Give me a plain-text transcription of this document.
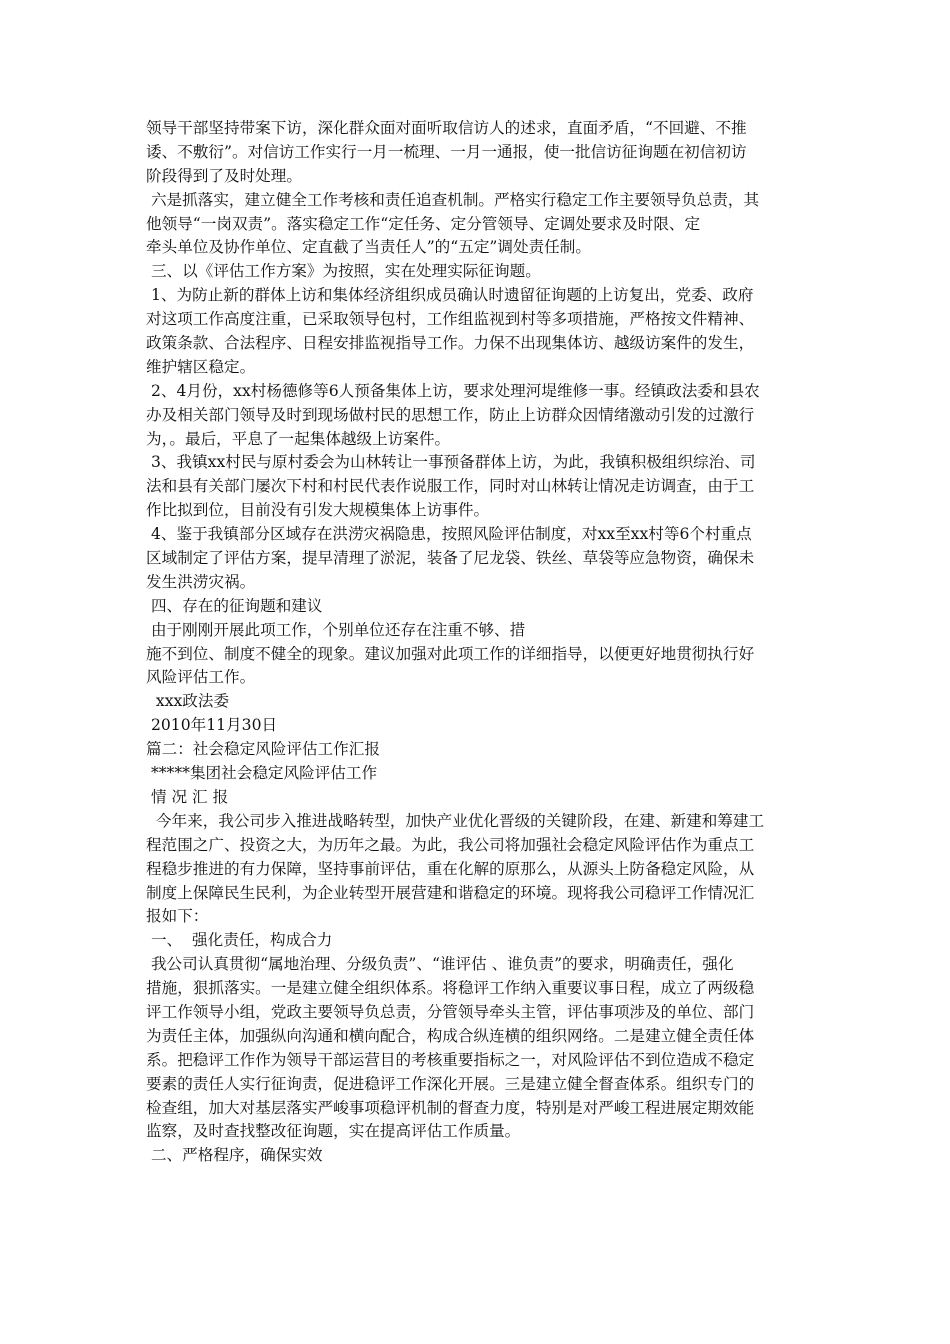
领导干部坚持带案下访，深化群众面对面听取信访人的述求，直面矛盾，“不回避、不推
诿、不敷衍”。对信访工作实行一月一梳理、一月一通报，使一批信访征询题在初信初访
阶段得到了及时处理。
六是抓落实，建立健全工作考核和责任追查机制。严格实行稳定工作主要领导负总责，其
他领导“一岗双责”。落实稳定工作“定任务、定分管领导、定调处要求及时限、定
牵头单位及协作单位、定直截了当责任人”的“五定”调处责任制。
三、以《评估工作方案》为按照，实在处理实际征询题。
1、为防止新的群体上访和集体经济组织成员确认时遗留征询题的上访复出，党委、政府
对这项工作高度注重，已采取领导包村，工作组监视到村等多项措施，严格按文件精神、
政策条款、合法程序、日程安排监视指导工作。力保不出现集体访、越级访案件的发生，
维护辖区稳定。
2、4月份，xx村杨德修等6人预备集体上访，要求处理河堤维修一事。经镇政法委和县农
办及相关部门领导及时到现场做村民的思想工作，防止上访群众因情绪激动引发的过激行
为，。最后，平息了一起集体越级上访案件。
3、我镇xx村民与原村委会为山林转让一事预备群体上访，为此，我镇积极组织综治、司
法和县有关部门屡次下村和村民代表作说服工作，同时对山林转让情况走访调查，由于工
作比拟到位，目前没有引发大规模集体上访事件。
4、鉴于我镇部分区域存在洪涝灾祸隐患，按照风险评估制度，对xx至xx村等6个村重点
区域制定了评估方案，提早清理了淤泥，装备了尼龙袋、铁丝、草袋等应急物资，确保未
发生洪涝灾祸。
四、存在的征询题和建议
由于刚刚开展此项工作，个别单位还存在注重不够、措
施不到位、制度不健全的现象。建议加强对此项工作的详细指导，以便更好地贯彻执行好
风险评估工作。
xxx政法委
2010年11月30日
篇二：社会稳定风险评估工作汇报
*****集团社会稳定风险评估工作
情 况 汇 报
今年来，我公司步入推进战略转型，加快产业优化晋级的关键阶段，在建、新建和筹建工
程范围之广、投资之大，为历年之最。为此，我公司将加强社会稳定风险评估作为重点工
程稳步推进的有力保障，坚持事前评估，重在化解的原那么，从源头上防备稳定风险，从
制度上保障民生民利，为企业转型开展营建和谐稳定的环境。现将我公司稳评工作情况汇
报如下：
一、  强化责任，构成合力
我公司认真贯彻“属地治理、分级负责”、“谁评估 、谁负责”的要求，明确责任，强化
措施，狠抓落实。一是建立健全组织体系。将稳评工作纳入重要议事日程，成立了两级稳
评工作领导小组，党政主要领导负总责，分管领导牵头主管，评估事项涉及的单位、部门
为责任主体，加强纵向沟通和横向配合，构成合纵连横的组织网络。二是建立健全责任体
系。把稳评工作作为领导干部运营目的考核重要指标之一，对风险评估不到位造成不稳定
要素的责任人实行征询责，促进稳评工作深化开展。三是建立健全督查体系。组织专门的
检查组，加大对基层落实严峻事项稳评机制的督查力度，特别是对严峻工程进展定期效能
监察，及时查找整改征询题，实在提高评估工作质量。
二、严格程序，确保实效
